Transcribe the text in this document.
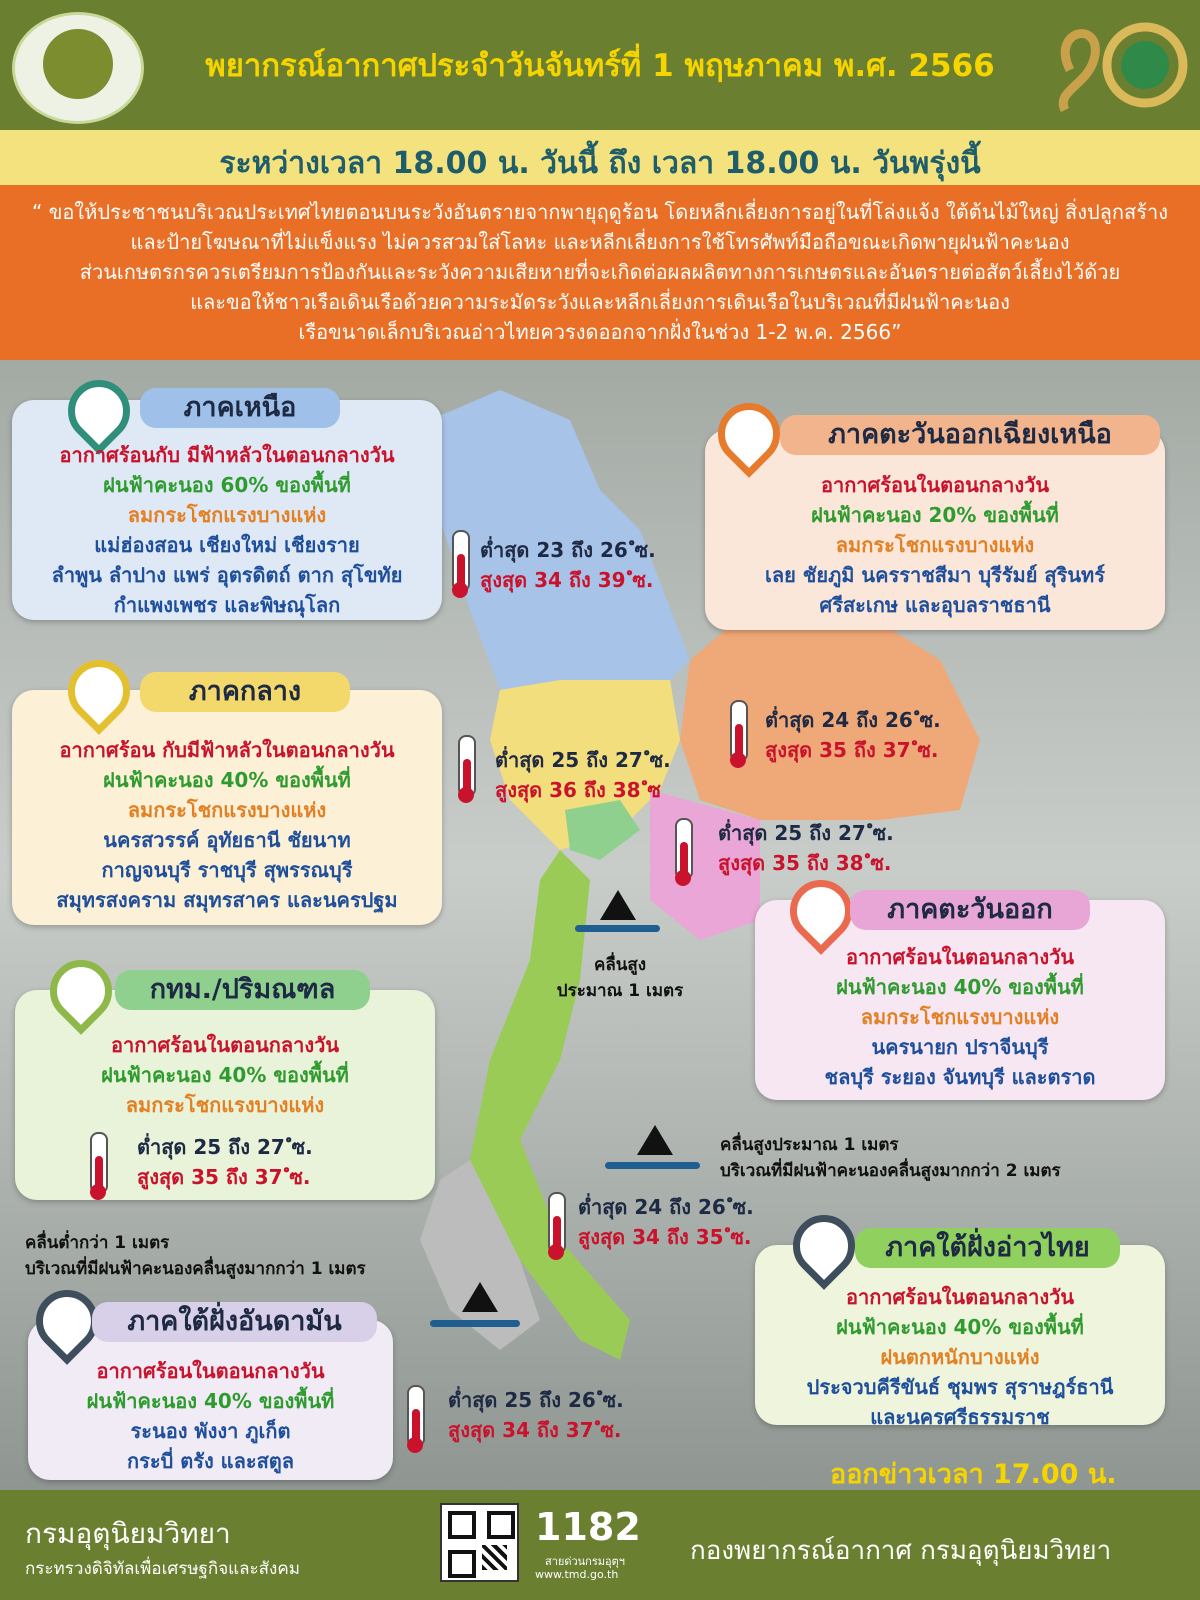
พยากรณ์อากาศประจำวันจันทร์ที่ 1 พฤษภาคม พ.ศ. 2566
ระหว่างเวลา 18.00 น. วันนี้ ถึง เวลา 18.00 น. วันพรุ่งนี้
“ ขอให้ประชาชนบริเวณประเทศไทยตอนบนระวังอันตรายจากพายุฤดูร้อน โดยหลีกเลี่ยงการอยู่ในที่โล่งแจ้ง ใต้ต้นไม้ใหญ่ สิ่งปลูกสร้าง
และป้ายโฆษณาที่ไม่แข็งแรง ไม่ควรสวมใส่โลหะ และหลีกเลี่ยงการใช้โทรศัพท์มือถือขณะเกิดพายุฝนฟ้าคะนอง
ส่วนเกษตรกรควรเตรียมการป้องกันและระวังความเสียหายที่จะเกิดต่อผลผลิตทางการเกษตรและอันตรายต่อสัตว์เลี้ยงไว้ด้วย
และขอให้ชาวเรือเดินเรือด้วยความระมัดระวังและหลีกเลี่ยงการเดินเรือในบริเวณที่มีฝนฟ้าคะนอง
เรือขนาดเล็กบริเวณอ่าวไทยควรงดออกจากฝั่งในช่วง 1-2 พ.ค. 2566”
ภาคเหนือ
อากาศร้อนกับ มีฟ้าหลัวในตอนกลางวัน
ฝนฟ้าคะนอง 60% ของพื้นที่
ลมกระโชกแรงบางแห่ง
แม่ฮ่องสอน เชียงใหม่ เชียงราย
ลำพูน ลำปาง แพร่ อุตรดิตถ์ ตาก สุโขทัย
กำแพงเพชร และพิษณุโลก
ต่ำสุด 23 ถึง 26 ํซ.
สูงสุด 34 ถึง 39 ํซ.
ภาคตะวันออกเฉียงเหนือ
อากาศร้อนในตอนกลางวัน
ฝนฟ้าคะนอง 20% ของพื้นที่
ลมกระโชกแรงบางแห่ง
เลย ชัยภูมิ นครราชสีมา บุรีรัมย์ สุรินทร์
ศรีสะเกษ และอุบลราชธานี
ต่ำสุด 24 ถึง 26 ํซ.
สูงสุด 35 ถึง 37 ํซ.
ภาคกลาง
อากาศร้อน กับมีฟ้าหลัวในตอนกลางวัน
ฝนฟ้าคะนอง 40% ของพื้นที่
ลมกระโชกแรงบางแห่ง
นครสวรรค์ อุทัยธานี ชัยนาท
กาญจนบุรี ราชบุรี สุพรรณบุรี
สมุทรสงคราม สมุทรสาคร และนครปฐม
ต่ำสุด 25 ถึง 27 ํซ.
สูงสุด 36 ถึง 38 ํซ
ต่ำสุด 25 ถึง 27 ํซ.
สูงสุด 35 ถึง 38 ํซ.
ภาคตะวันออก
อากาศร้อนในตอนกลางวัน
ฝนฟ้าคะนอง 40% ของพื้นที่
ลมกระโชกแรงบางแห่ง
นครนายก ปราจีนบุรี
ชลบุรี ระยอง จันทบุรี และตราด
คลื่นสูง
ประมาณ 1 เมตร
กทม./ปริมณฑล
อากาศร้อนในตอนกลางวัน
ฝนฟ้าคะนอง 40% ของพื้นที่
ลมกระโชกแรงบางแห่ง
ต่ำสุด 25 ถึง 27 ํซ.
สูงสุด 35 ถึง 37 ํซ.
คลื่นสูงประมาณ 1 เมตร
บริเวณที่มีฝนฟ้าคะนองคลื่นสูงมากกว่า 2 เมตร
ต่ำสุด 24 ถึง 26 ํซ.
สูงสุด 34 ถึง 35 ํซ.
คลื่นต่ำกว่า 1 เมตร
บริเวณที่มีฝนฟ้าคะนองคลื่นสูงมากกว่า 1 เมตร
ภาคใต้ฝั่งอ่าวไทย
อากาศร้อนในตอนกลางวัน
ฝนฟ้าคะนอง 40% ของพื้นที่
ฝนตกหนักบางแห่ง
ประจวบคีรีขันธ์ ชุมพร สุราษฎร์ธานี
และนครศรีธรรมราช
ภาคใต้ฝั่งอันดามัน
อากาศร้อนในตอนกลางวัน
ฝนฟ้าคะนอง 40% ของพื้นที่
ระนอง พังงา ภูเก็ต
กระบี่ ตรัง และสตูล
ต่ำสุด 25 ถึง 26 ํซ.
สูงสุด 34 ถึง 37 ํซ.
ออกข่าวเวลา 17.00 น.
กรมอุตุนิยมวิทยา
กระทรวงดิจิทัลเพื่อเศรษฐกิจและสังคม
1182
สายด่วนกรมอุตุฯ
www.tmd.go.th
กองพยากรณ์อากาศ กรมอุตุนิยมวิทยา
